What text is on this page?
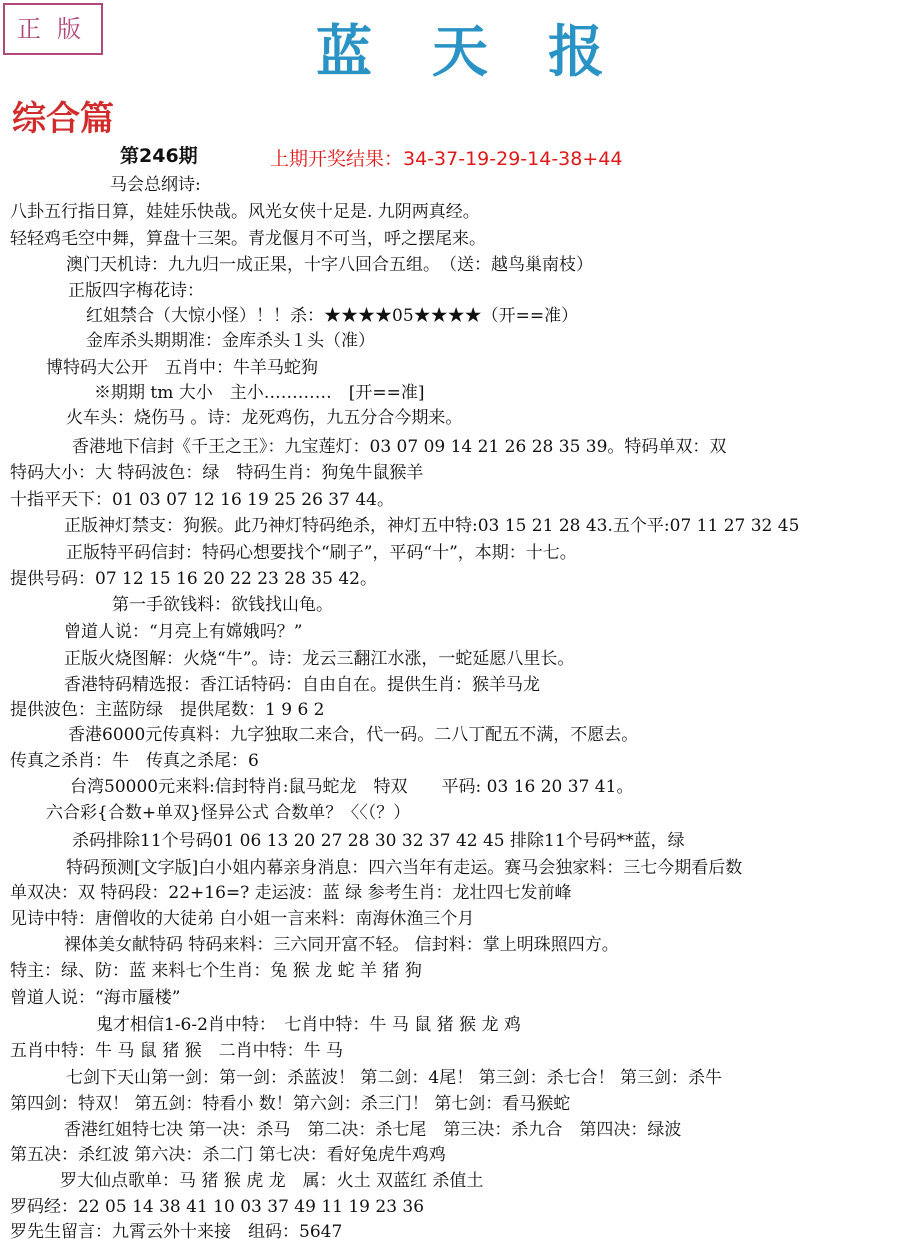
正版	蓝天报
综合篇
第246期	上期开奖结果：34-37-19-29-14-38+44
马会总纲诗:
八卦五行指日算，娃娃乐快哉。风光女侠十足是. 九阴两真经。
轻轻鸡毛空中舞，算盘十三架。青龙偃月不可当，呼之摆尾来。
澳门天机诗：九九归一成正果，十字八回合五组。　（送：越鸟巢南枝）
正版四字梅花诗：
红姐禁合（大惊小怪）！！杀：★★★★05★★★★（开==准）
金库杀头期期准：金库杀头１头（准）
博特码大公开　五肖中：牛羊马蛇狗
※期期 tm 大小　主小…………　[开==准]
火车头：烧伤马 。诗：龙死鸡伤，九五分合今期来。
香港地下信封《千王之王》：九宝莲灯：03 07 09 14 21 26 28 35 39。特码单双：双
特码大小：大 特码波色：绿　特码生肖：狗兔牛鼠猴羊
十指平天下：01 03 07 12 16 19 25 26 37 44。
正版神灯禁支：狗猴。此乃神灯特码绝杀，神灯五中特:03 15 21 28 43.五个平:07 11 27 32 45
正版特平码信封：特码心想要找个“刷子”，平码“十”，本期：十七。
提供号码：07 12 15 16 20 22 23 28 35 42。
第一手欲钱料：欲钱找山龟。
曾道人说：“月亮上有嫦娥吗？”
正版火烧图解：火烧“牛”。诗：龙云三翻江水涨，一蛇延愿八里长。
香港特码精选报：香江话特码：自由自在。提供生肖：猴羊马龙
提供波色：主蓝防绿　提供尾数：1 9 6 2
香港6000元传真料：九字独取二来合，代一码。二八丁配五不满，不愿去。
传真之杀肖：牛　传真之杀尾：6
台湾50000元来料:信封特肖:鼠马蛇龙　特双　　平码: 03 16 20 37 41。
六合彩{合数+单双}怪异公式 合数单？〈〈（？）
杀码排除11个号码01 06 13 20 27 28 30 32 37 42 45 排除11个号码**蓝，绿
特码预测[文字版]白小姐内幕亲身消息：四六当年有走运。赛马会独家料：三七今期看后数
单双决：双 特码段：22+16=? 走运波：蓝 绿 参考生肖：龙壮四七发前峰
见诗中特：唐僧收的大徒弟 白小姐一言来料：南海休渔三个月
裸体美女献特码 特码来料：三六同开富不轻。 信封料：掌上明珠照四方。
特主：绿、防：蓝 来料七个生肖：兔 猴 龙 蛇 羊 猪 狗
曾道人说：“海市蜃楼”
鬼才相信1-6-2肖中特：　七肖中特：牛 马 鼠 猪 猴 龙 鸡
五肖中特：牛 马 鼠 猪 猴　二肖中特：牛 马
七剑下天山第一剑：第一剑：杀蓝波！ 第二剑：4尾！ 第三剑：杀七合！ 第三剑：杀牛
第四剑：特双！ 第五剑：特看小 数！第六剑：杀三门！ 第七剑：看马猴蛇
香港红姐特七决 第一决：杀马　第二决：杀七尾　第三决：杀九合　第四决：绿波
第五决：杀红波 第六决：杀二门 第七决：看好兔虎牛鸡鸡
罗大仙点歌单：马 猪 猴 虎 龙　属：火土 双蓝红 杀值土
罗码经：22 05 14 38 41 10 03 37 49 11 19 23 36
罗先生留言：九霄云外十来接　组码：5647
